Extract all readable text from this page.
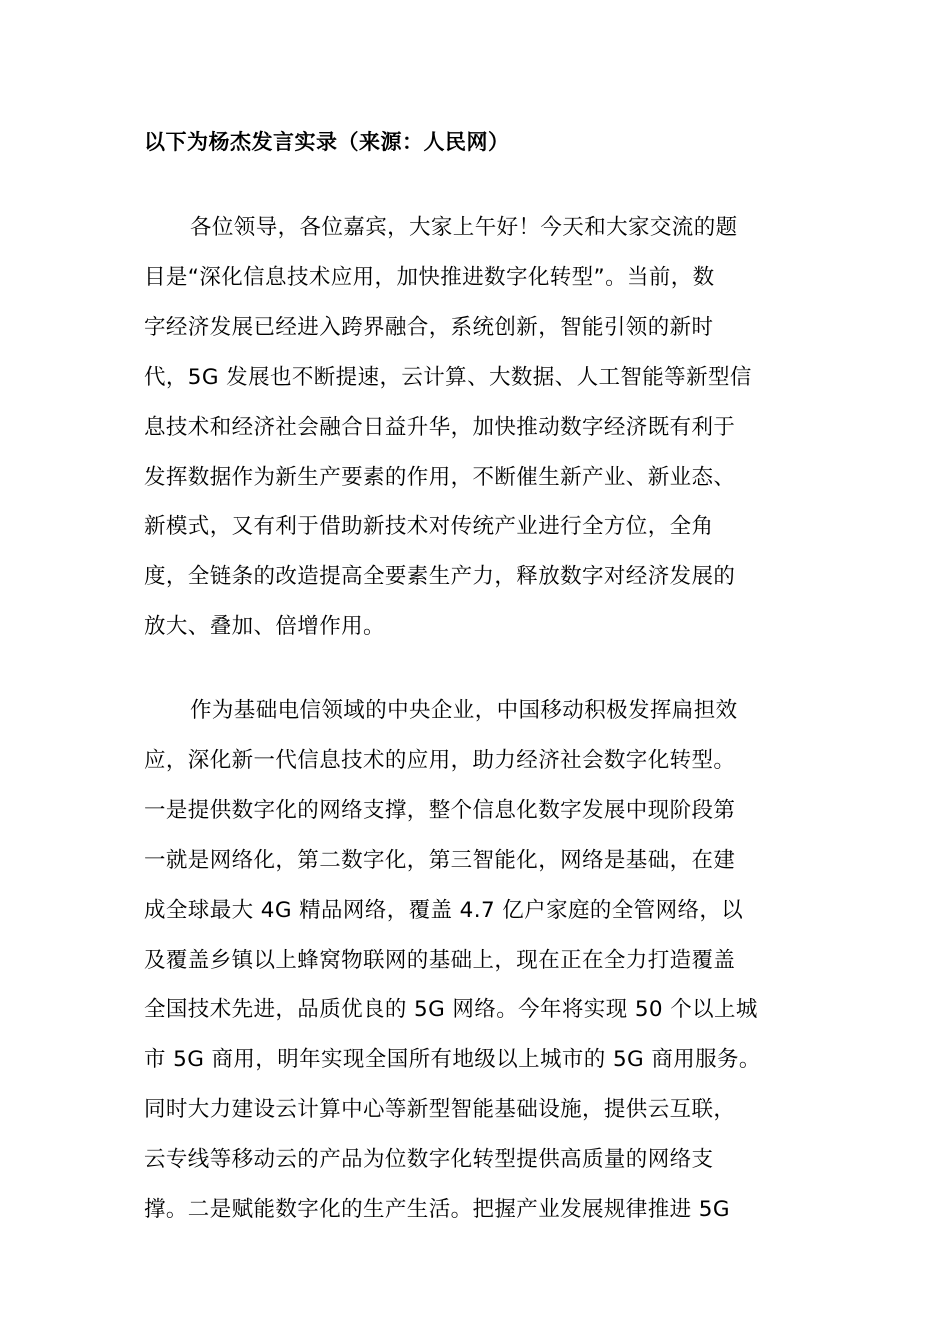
以下为杨杰发言实录（来源：人民网）
各位领导，各位嘉宾，大家上午好！今天和大家交流的题
目是“深化信息技术应用，加快推进数字化转型”。当前，数
字经济发展已经进入跨界融合，系统创新，智能引领的新时
代，5G 发展也不断提速，云计算、大数据、人工智能等新型信
息技术和经济社会融合日益升华，加快推动数字经济既有利于
发挥数据作为新生产要素的作用，不断催生新产业、新业态、
新模式，又有利于借助新技术对传统产业进行全方位，全角
度，全链条的改造提高全要素生产力，释放数字对经济发展的
放大、叠加、倍增作用。
作为基础电信领域的中央企业，中国移动积极发挥扁担效
应，深化新一代信息技术的应用，助力经济社会数字化转型。
一是提供数字化的网络支撑，整个信息化数字发展中现阶段第
一就是网络化，第二数字化，第三智能化，网络是基础，在建
成全球最大 4G 精品网络，覆盖 4.7 亿户家庭的全管网络，以
及覆盖乡镇以上蜂窝物联网的基础上，现在正在全力打造覆盖
全国技术先进，品质优良的 5G 网络。今年将实现 50 个以上城
市 5G 商用，明年实现全国所有地级以上城市的 5G 商用服务。
同时大力建设云计算中心等新型智能基础设施，提供云互联，
云专线等移动云的产品为位数字化转型提供高质量的网络支
撑。二是赋能数字化的生产生活。把握产业发展规律推进 5G
